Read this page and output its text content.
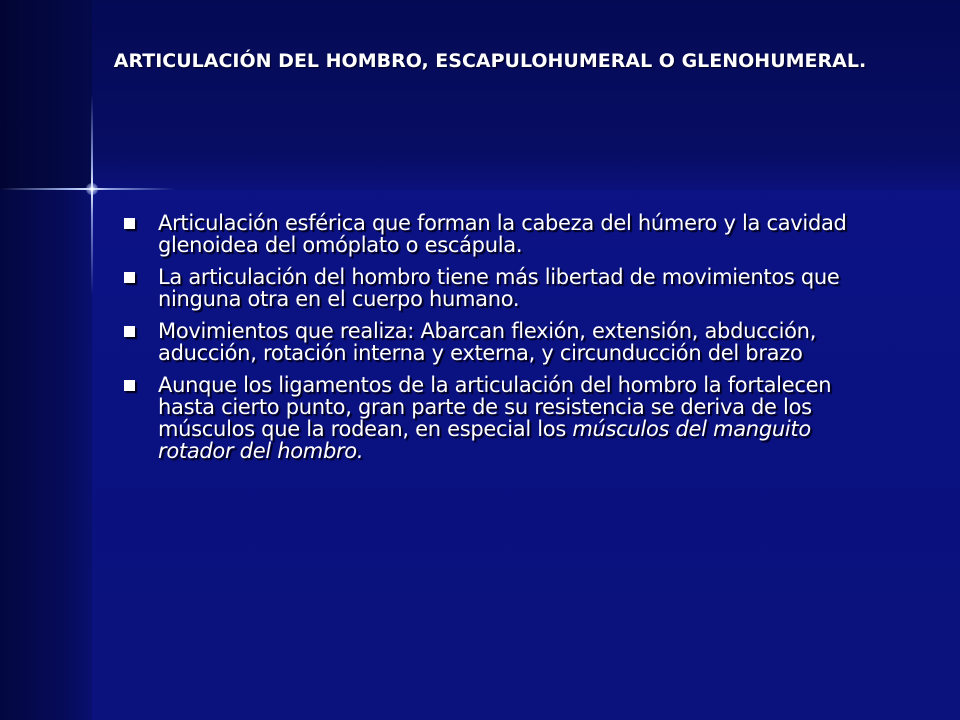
ARTICULACIÓN DEL HOMBRO, ESCAPULOHUMERAL O GLENOHUMERAL.
Articulación esférica que forman la cabeza del húmero y la cavidad glenoidea del omóplato o escápula.
La articulación del hombro tiene más libertad de movimientos que ninguna otra en el cuerpo humano.
Movimientos que realiza: Abarcan flexión, extensión, abducción, aducción, rotación interna y externa, y circunducción del brazo
Aunque los ligamentos de la articulación del hombro la fortalecen hasta cierto punto, gran parte de su resistencia se deriva de los músculos que la rodean, en especial los músculos del manguito rotador del hombro.
